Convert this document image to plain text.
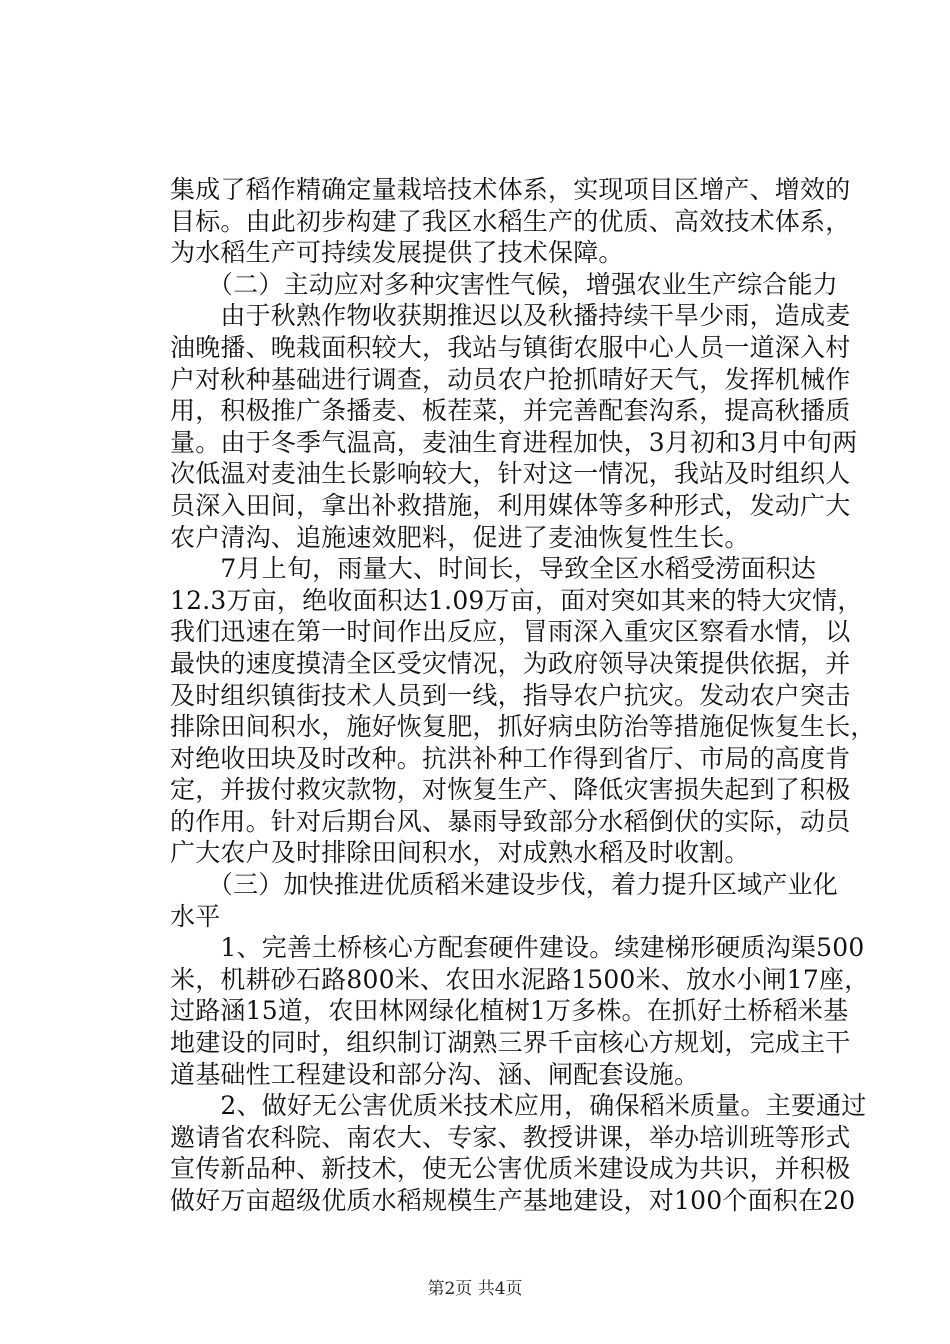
集成了稻作精确定量栽培技术体系，实现项目区增产、增效的
目标。由此初步构建了我区水稻生产的优质、高效技术体系，
为水稻生产可持续发展提供了技术保障。
　　（二）主动应对多种灾害性气候，增强农业生产综合能力
　　由于秋熟作物收获期推迟以及秋播持续干旱少雨，造成麦
油晚播、晚栽面积较大，我站与镇街农服中心人员一道深入村
户对秋种基础进行调查，动员农户抢抓晴好天气，发挥机械作
用，积极推广条播麦、板茬菜，并完善配套沟系，提高秋播质
量。由于冬季气温高，麦油生育进程加快，3月初和3月中旬两
次低温对麦油生长影响较大，针对这一情况，我站及时组织人
员深入田间，拿出补救措施，利用媒体等多种形式，发动广大
农户清沟、追施速效肥料，促进了麦油恢复性生长。
　　7月上旬，雨量大、时间长，导致全区水稻受涝面积达
12.3万亩，绝收面积达1.09万亩，面对突如其来的特大灾情，
我们迅速在第一时间作出反应，冒雨深入重灾区察看水情，以
最快的速度摸清全区受灾情况，为政府领导决策提供依据，并
及时组织镇街技术人员到一线，指导农户抗灾。发动农户突击
排除田间积水，施好恢复肥，抓好病虫防治等措施促恢复生长，
对绝收田块及时改种。抗洪补种工作得到省厅、市局的高度肯
定，并拔付救灾款物，对恢复生产、降低灾害损失起到了积极
的作用。针对后期台风、暴雨导致部分水稻倒伏的实际，动员
广大农户及时排除田间积水，对成熟水稻及时收割。
　　（三）加快推进优质稻米建设步伐，着力提升区域产业化
水平
　　1、完善土桥核心方配套硬件建设。续建梯形硬质沟渠500
米，机耕砂石路800米、农田水泥路1500米、放水小闸17座，
过路涵15道，农田林网绿化植树1万多株。在抓好土桥稻米基
地建设的同时，组织制订湖熟三界千亩核心方规划，完成主干
道基础性工程建设和部分沟、涵、闸配套设施。
　　2、做好无公害优质米技术应用，确保稻米质量。主要通过
邀请省农科院、南农大、专家、教授讲课，举办培训班等形式
宣传新品种、新技术，使无公害优质米建设成为共识，并积极
做好万亩超级优质水稻规模生产基地建设，对100个面积在20
第2页 共4页
